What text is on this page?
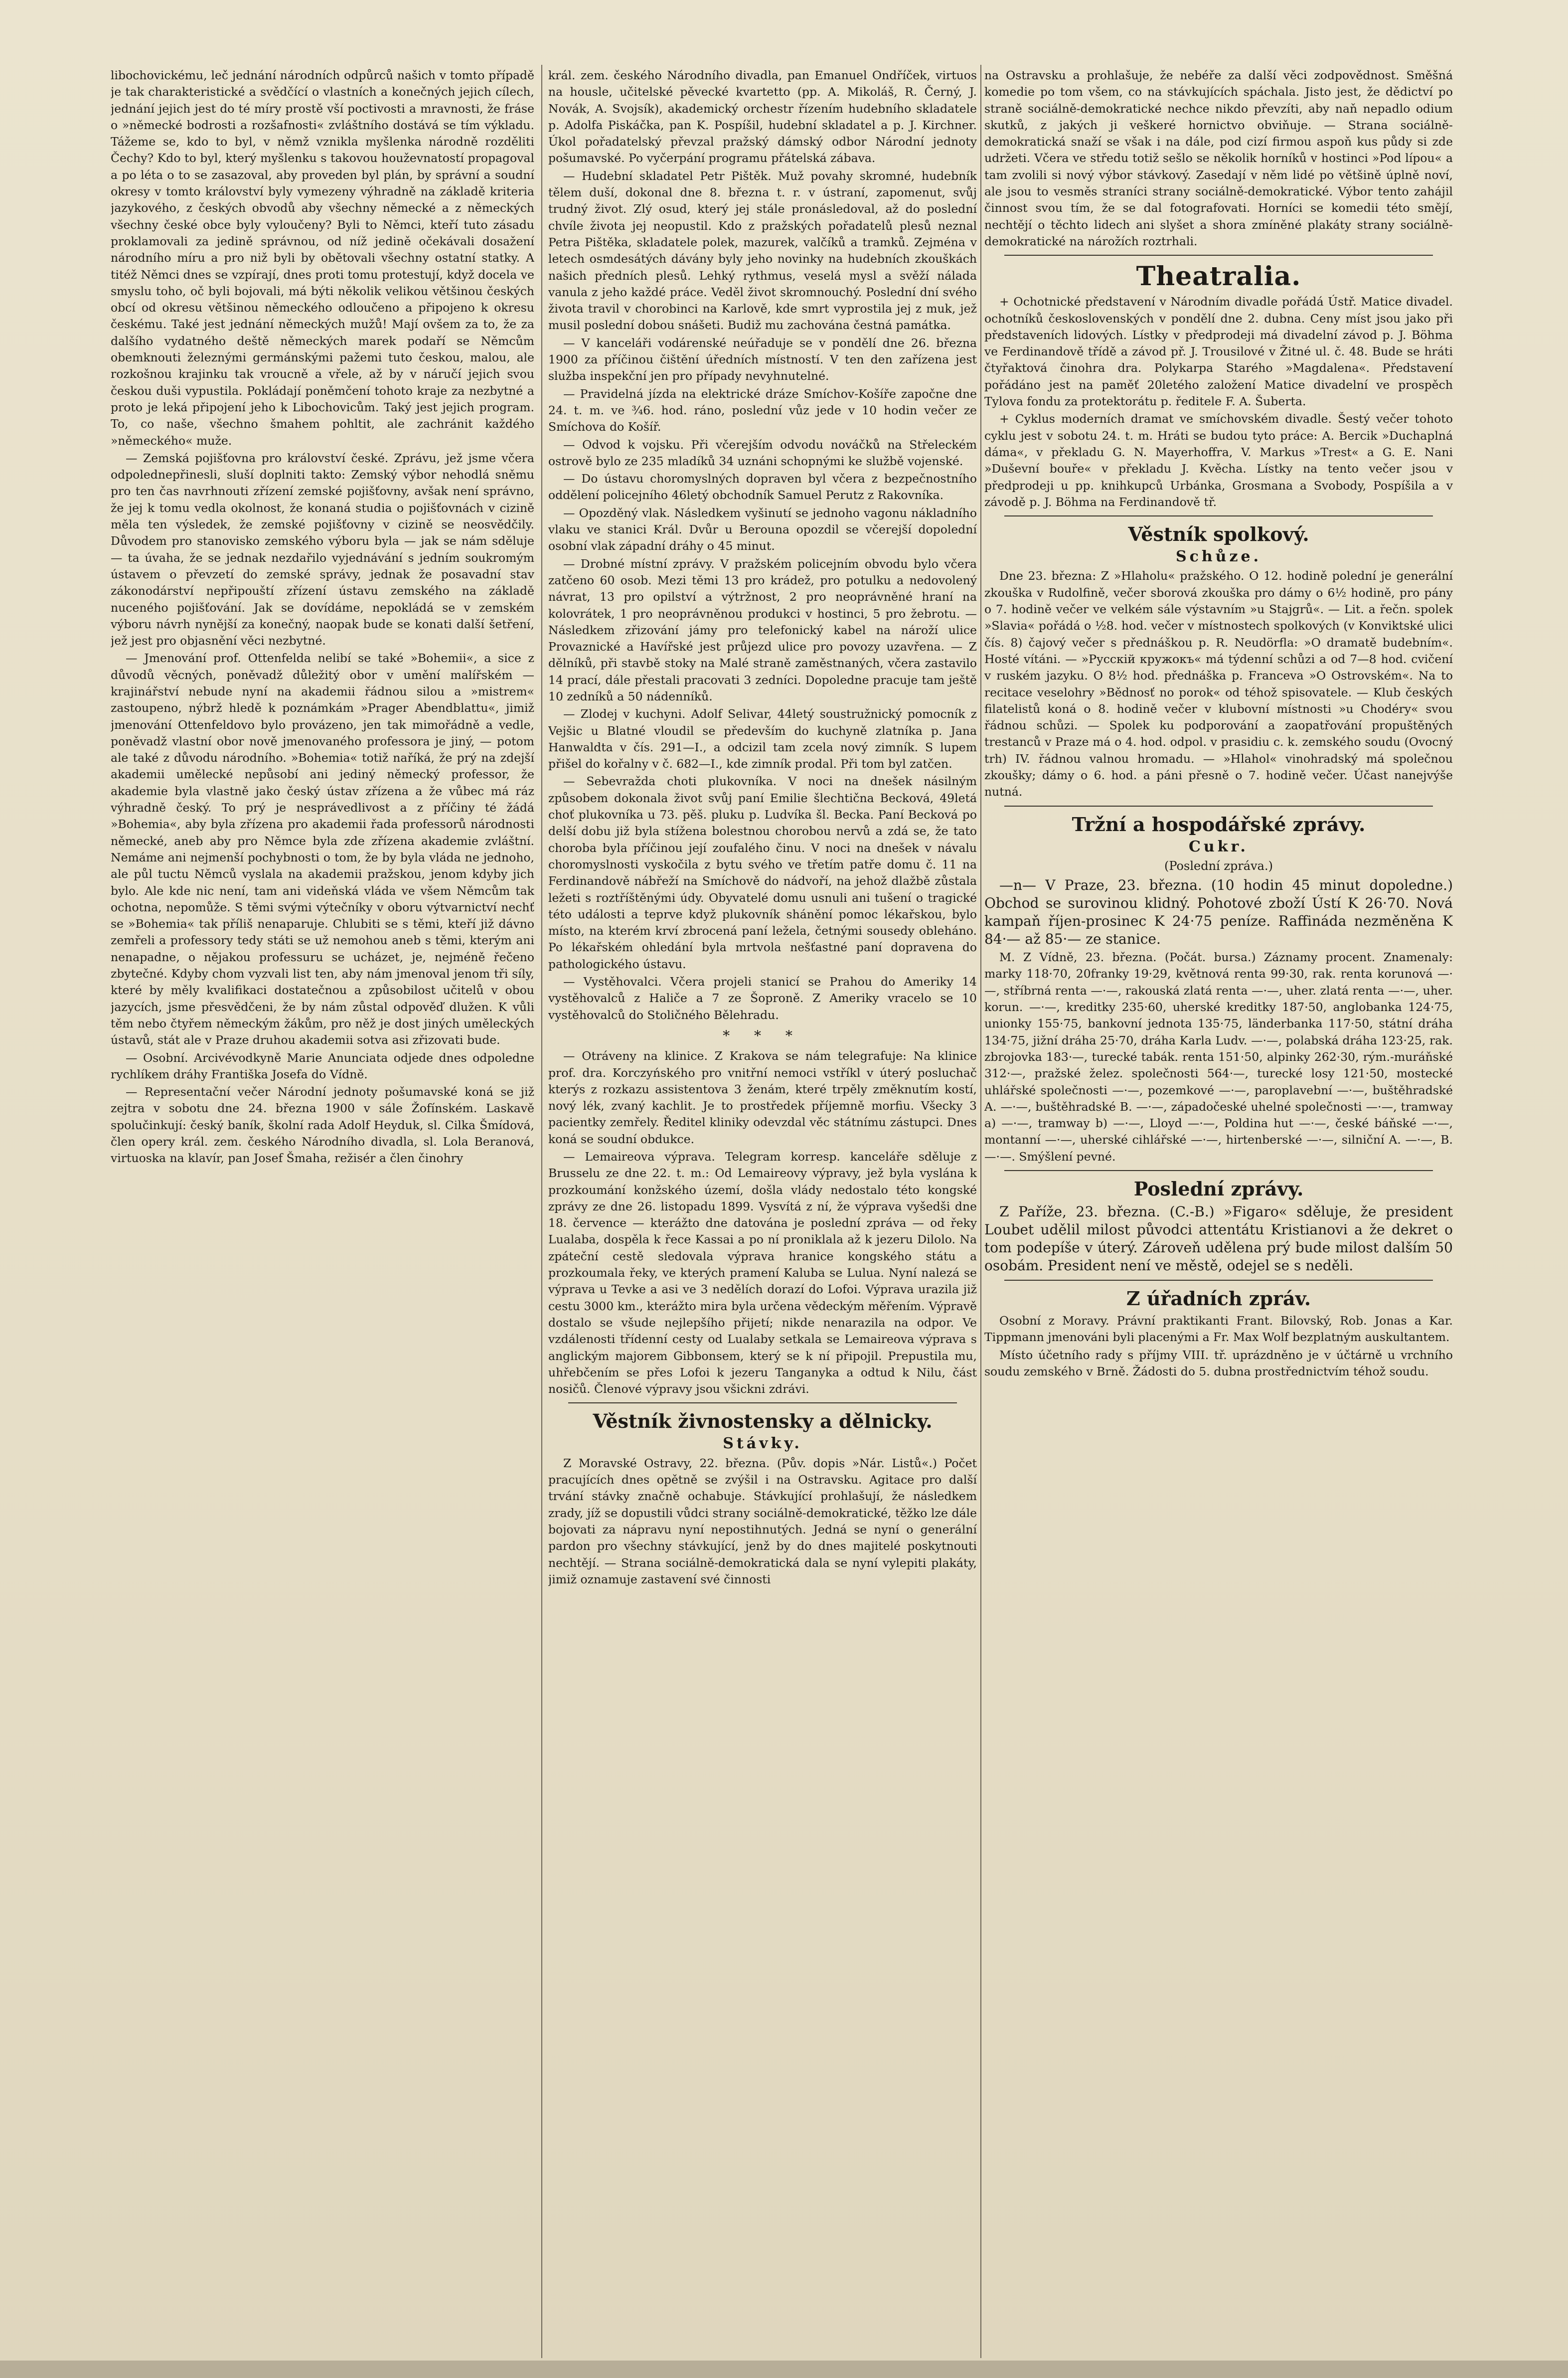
libochovickému, leč jednání národních odpůrců našich v tomto případě je tak charakteristické a svědčící o vlastních a konečných jejich cílech, jednání jejich jest do té míry prostě vší poctivosti a mravnosti, že fráse o »německé bodrosti a rozšafnosti« zvláštního dostává se tím výkladu. Tážeme se, kdo to byl, v němž vznikla myšlenka národně rozděliti Čechy? Kdo to byl, který myšlenku s takovou houževnatostí propagoval a po léta o to se zasazoval, aby proveden byl plán, by správní a soudní okresy v tomto království byly vymezeny výhradně na základě kriteria jazykového, z českých obvodů aby všechny německé a z německých všechny české obce byly vyloučeny? Byli to Němci, kteří tuto zásadu proklamovali za jedině správnou, od níž jedině očekávali dosažení národního míru a pro niž byli by obětovali všechny ostatní statky. A titéž Němci dnes se vzpírají, dnes proti tomu protestují, když docela ve smyslu toho, oč byli bojovali, má býti několik velikou většinou českých obcí od okresu většinou německého odloučeno a připojeno k okresu českému. Také jest jednání německých mužů! Mají ovšem za to, že za dalšího vydatného deště německých marek podaří se Němcům obemknouti železnými germánskými pažemi tuto českou, malou, ale rozkošnou krajinku tak vroucně a vřele, až by v náručí jejich svou českou duši vypustila. Pokládají poněmčení tohoto kraje za nezbytné a proto je leká připojení jeho k Libochovicům. Taký jest jejich program. To, co naše, všechno šmahem pohltit, ale zachránit každého »německého« muže.

— Zemská pojišťovna pro království české. Zprávu, jež jsme včera odpolednepřinesli, sluší doplniti takto: Zemský výbor nehodlá sněmu pro ten čas navrhnouti zřízení zemské pojišťovny, avšak není správno, že jej k tomu vedla okolnost, že konaná studia o pojišťovnách v cizině měla ten výsledek, že zemské pojišťovny v cizině se neosvědčily. Důvodem pro stanovisko zemského výboru byla — jak se nám sděluje — ta úvaha, že se jednak nezdařilo vyjednávání s jedním soukromým ústavem o převzetí do zemské správy, jednak že posavadní stav zákonodárství nepřipouští zřízení ústavu zemského na základě nuceného pojišťování. Jak se dovídáme, nepokládá se v zemském výboru návrh nynější za konečný, naopak bude se konati další šetření, jež jest pro objasnění věci nezbytné.

— Jmenování prof. Ottenfelda nelibí se také »Bohemii«, a sice z důvodů věcných, poněvadž důležitý obor v umění malířském — krajinářství nebude nyní na akademii řádnou silou a »mistrem« zastoupeno, nýbrž hledě k poznámkám »Prager Abendblattu«, jimiž jmenování Ottenfeldovo bylo provázeno, jen tak mimořádně a vedle, poněvadž vlastní obor nově jmenovaného professora je jiný, — potom ale také z důvodu národního. »Bohemia« totiž naříká, že prý na zdejší akademii umělecké nepůsobí ani jediný německý professor, že akademie byla vlastně jako český ústav zřízena a že vůbec má ráz výhradně český. To prý je nesprávedlivost a z příčiny té žádá »Bohemia«, aby byla zřízena pro akademii řada professorů národnosti německé, aneb aby pro Němce byla zde zřízena akademie zvláštní. Nemáme ani nejmenší pochybnosti o tom, že by byla vláda ne jednoho, ale půl tuctu Němců vyslala na akademii pražskou, jenom kdyby jich bylo. Ale kde nic není, tam ani videňská vláda ve všem Němcům tak ochotna, nepomůže. S těmi svými výtečníky v oboru výtvarnictví nechť se »Bohemia« tak příliš nenaparuje. Chlubiti se s těmi, kteří již dávno zemřeli a professory tedy státi se už nemohou aneb s těmi, kterým ani nenapadne, o nějakou professuru se ucházet, je, nejméně řečeno zbytečné. Kdyby chom vyzvali list ten, aby nám jmenoval jenom tři síly, které by měly kvalifikaci dostatečnou a způsobilost učitelů v obou jazycích, jsme přesvědčeni, že by nám zůstal odpověď dlužen. K vůli těm nebo čtyřem německým žákům, pro něž je dost jiných uměleckých ústavů, stát ale v Praze druhou akademii sotva asi zřizovati bude.

— Osobní. Arcivévodkyně Marie Anunciata odjede dnes odpoledne rychlíkem dráhy Františka Josefa do Vídně.

— Representační večer Národní jednoty pošumavské koná se již zejtra v sobotu dne 24. března 1900 v sále Žofínském. Laskavě spolučinkují: český baník, školní rada Adolf Heyduk, sl. Cilka Šmídová, člen opery král. zem. českého Národního divadla, sl. Lola Beranová, virtuoska na klavír, pan Josef Šmaha, režisér a člen činohry

král. zem. českého Národního divadla, pan Emanuel Ondříček, virtuos na housle, učitelské pěvecké kvartetto (pp. A. Mikoláš, R. Černý, J. Novák, A. Svojsík), akademický orchestr řízením hudebního skladatele p. Adolfa Piskáčka, pan K. Pospíšil, hudební skladatel a p. J. Kirchner. Úkol pořadatelský převzal pražský dámský odbor Národní jednoty pošumavské. Po vyčerpání programu přátelská zábava.

— Hudební skladatel Petr Pištěk. Muž povahy skromné, hudebník tělem duší, dokonal dne 8. března t. r. v ústraní, zapomenut, svůj trudný život. Zlý osud, který jej stále pronásledoval, až do poslední chvíle života jej neopustil. Kdo z pražských pořadatelů plesů neznal Petra Pištěka, skladatele polek, mazurek, valčíků a tramků. Zejména v letech osmdesátých dávány byly jeho novinky na hudebních zkouškách našich předních plesů. Lehký rythmus, veselá mysl a svěží nálada vanula z jeho každé práce. Veděl život skromnouchý. Poslední dní svého života travil v chorobinci na Karlově, kde smrt vyprostila jej z muk, jež musil poslední dobou snášeti. Budiž mu zachována čestná památka.

— V kanceláři vodárenské neúřaduje se v pondělí dne 26. března 1900 za příčinou čištění úředních místností. V ten den zařízena jest služba inspekční jen pro případy nevyhnutelné.

— Pravidelná jízda na elektrické dráze Smíchov-Košíře započne dne 24. t. m. ve ¾6. hod. ráno, poslední vůz jede v 10 hodin večer ze Smíchova do Košíř.

— Odvod k vojsku. Při včerejším odvodu nováčků na Střeleckém ostrově bylo ze 235 mladíků 34 uznáni schopnými ke službě vojenské.

— Do ústavu choromyslných dopraven byl včera z bezpečnostního oddělení policejního 46letý obchodník Samuel Perutz z Rakovníka.

— Opozděný vlak. Následkem vyšinutí se jednoho vagonu nákladního vlaku ve stanici Král. Dvůr u Berouna opozdil se včerejší dopolední osobní vlak západní dráhy o 45 minut.

— Drobné místní zprávy. V pražském policejním obvodu bylo včera zatčeno 60 osob. Mezi těmi 13 pro krádež, pro potulku a nedovolený návrat, 13 pro opilství a výtržnost, 2 pro neoprávněné hraní na kolovrátek, 1 pro neoprávněnou produkci v hostinci, 5 pro žebrotu. — Následkem zřizování jámy pro telefonický kabel na nároží ulice Provaznické a Havířské jest průjezd ulice pro povozy uzavřena. — Z dělníků, při stavbě stoky na Malé straně zaměstnaných, včera zastavilo 14 prací, dále přestali pracovati 3 zedníci. Dopoledne pracuje tam ještě 10 zedníků a 50 nádenníků.

— Zlodej v kuchyni. Adolf Selivar, 44letý soustružnický pomocník z Vejšic u Blatné vloudil se především do kuchyně zlatníka p. Jana Hanwaldta v čís. 291—I., a odcizil tam zcela nový zimník. S lupem přišel do kořalny v č. 682—I., kde zimník prodal. Při tom byl zatčen.

— Sebevražda choti plukovníka. V noci na dnešek násilným způsobem dokonala život svůj paní Emilie šlechtična Becková, 49letá choť plukovníka u 73. pěš. pluku p. Ludvíka šl. Becka. Paní Becková po delší dobu již byla stížena bolestnou chorobou nervů a zdá se, že tato choroba byla příčinou její zoufalého činu. V noci na dnešek v návalu choromyslnosti vyskočila z bytu svého ve třetím patře domu č. 11 na Ferdinandově nábřeží na Smíchově do nádvoří, na jehož dlažbě zůstala ležeti s roztříštěnými údy. Obyvatelé domu usnuli ani tušení o tragické této události a teprve když plukovník shánění pomoc lékařskou, bylo místo, na kterém krví zbrocená paní ležela, četnými sousedy obleháno. Po lékařském ohledání byla mrtvola nešťastné paní dopravena do pathologického ústavu.

— Vystěhovalci. Včera projeli stanicí se Prahou do Ameriky 14 vystěhovalců z Haliče a 7 ze Šoproně. Z Ameriky vracelo se 10 vystěhovalců do Stoličného Bělehradu.

* * *

— Otráveny na klinice. Z Krakova se nám telegrafuje: Na klinice prof. dra. Korczyńského pro vnitřní nemoci vstříkl v úterý posluchač kterýs z rozkazu assistentova 3 ženám, které trpěly změknutím kostí, nový lék, zvaný kachlit. Je to prostředek příjemně morfiu. Všecky 3 pacientky zemřely. Ředitel kliniky odevzdal věc státnímu zástupci. Dnes koná se soudní obdukce.

— Lemaireova výprava. Telegram korresp. kanceláře sděluje z Brusselu ze dne 22. t. m.: Od Lemaireovy výpravy, jež byla vyslána k prozkoumání konžského území, došla vlády nedostalo této kongské zprávy ze dne 26. listopadu 1899. Vysvítá z ní, že výprava vyšedši dne 18. července — kterážto dne datována je poslední zpráva — od řeky Lualaba, dospěla k řece Kassai a po ní proniklala až k jezeru Dilolo. Na zpáteční cestě sledovala výprava hranice kongského státu a prozkoumala řeky, ve kterých pramení Kaluba se Lulua. Nyní nalezá se výprava u Tevke a asi ve 3 nedělích dorazí do Lofoi. Výprava urazila již cestu 3000 km., kterážto mira byla určena vědeckým měřením. Výpravě dostalo se všude nejlepšího přijetí; nikde nenarazila na odpor. Ve vzdálenosti třídenní cesty od Lualaby setkala se Lemaireova výprava s anglickým majorem Gibbonsem, který se k ní připojil. Prepustila mu, uhřebčením se přes Lofoi k jezeru Tanganyka a odtud k Nilu, část nosičů. Členové výpravy jsou všickni zdrávi.

Věstník živnostensky a dělnicky.
Stávky.

Z Moravské Ostravy, 22. března. (Pův. dopis »Nár. Listů«.) Počet pracujících dnes opětně se zvýšil i na Ostravsku. Agitace pro další trvání stávky značně ochabuje. Stávkující prohlašují, že následkem zrady, jíž se dopustili vůdci strany sociálně-demokratické, těžko lze dále bojovati za nápravu nyní nepostihnutých. Jedná se nyní o generální pardon pro všechny stávkující, jenž by do dnes majitelé poskytnouti nechtějí. — Strana sociálně-demokratická dala se nyní vylepiti plakáty, jimiž oznamuje zastavení své činnosti

na Ostravsku a prohlašuje, že nebéře za další věci zodpovědnost. Směšná komedie po tom všem, co na stávkujících spáchala. Jisto jest, že dědictví po straně sociálně-demokratické nechce nikdo převzíti, aby naň nepadlo odium skutků, z jakých ji veškeré hornictvo obviňuje. — Strana sociálně-demokratická snaží se však i na dále, pod cizí firmou aspoň kus půdy si zde udržeti. Včera ve středu totiž sešlo se několik horníků v hostinci »Pod lípou« a tam zvolili si nový výbor stávkový. Zasedají v něm lidé po většině úplně noví, ale jsou to vesměs straníci strany sociálně-demokratické. Výbor tento zahájil činnost svou tím, že se dal fotografovati. Horníci se komedii této smějí, nechtějí o těchto lidech ani slyšet a shora zmíněné plakáty strany sociálně-demokratické na nárožích roztrhali.

Theatralia.

+ Ochotnické představení v Národním divadle pořádá Ústř. Matice divadel. ochotníků československých v pondělí dne 2. dubna. Ceny míst jsou jako při představeních lidových. Lístky v předprodeji má divadelní závod p. J. Böhma ve Ferdinandově třídě a závod př. J. Trousilové v Žitné ul. č. 48. Bude se hráti čtyřaktová činohra dra. Polykarpa Starého »Magdalena«. Představení pořádáno jest na paměť 20letého založení Matice divadelní ve prospěch Tylova fondu za protektorátu p. ředitele F. A. Šuberta.

+ Cyklus moderních dramat ve smíchovském divadle. Šestý večer tohoto cyklu jest v sobotu 24. t. m. Hráti se budou tyto práce: A. Bercik »Duchaplná dáma«, v překladu G. N. Mayerhoffra, V. Markus »Trest« a G. E. Nani »Duševní bouře« v překladu J. Kvěcha. Lístky na tento večer jsou v předprodeji u pp. knihkupců Urbánka, Grosmana a Svobody, Pospíšila a v závodě p. J. Böhma na Ferdinandově tř.

Věstník spolkový.
Schůze.

Dne 23. března: Z »Hlaholu« pražského. O 12. hodině polední je generální zkouška v Rudolfině, večer sborová zkouška pro dámy o 6½ hodině, pro pány o 7. hodině večer ve velkém sále výstavním »u Stajgrů«. — Lit. a řečn. spolek »Slavia« pořádá o ½8. hod. večer v místnostech spolkových (v Konviktské ulici čís. 8) čajový večer s přednáškou p. R. Neudörfla: »O dramatě budebním«. Hosté vítáni. — »Русскій кружокъ« má týdenní schůzi a od 7—8 hod. cvičení v ruském jazyku. O 8½ hod. přednáška p. Franceva »O Ostrovském«. Na to recitace veselohry »Bědnosť nо porok« od téhož spisovatele. — Klub českých filatelistů koná o 8. hodině večer v klubovní místnosti »u Chodéry« svou řádnou schůzi. — Spolek ku podporování a zaopatřování propuštěných trestanců v Praze má o 4. hod. odpol. v prasidiu c. k. zemského soudu (Ovocný trh) IV. řádnou valnou hromadu. — »Hlahol« vinohradský má společnou zkoušky; dámy o 6. hod. a páni přesně o 7. hodině večer. Účast nanejvýše nutná.

Tržní a hospodářské zprávy.
Cukr.
(Poslední zpráva.)

—n— V Praze, 23. března. (10 hodin 45 minut dopoledne.) Obchod se surovinou klidný. Pohotové zboží Ústí K 26·70. Nová kampaň říjen-prosinec K 24·75 peníze. Raffináda nezměněna K 84·— až 85·— ze stanice.

M. Z Vídně, 23. března. (Počát. bursa.) Záznamy procent. Znamenaly: marky 118·70, 20franky 19·29, květnová renta 99·30, rak. renta korunová —·—, stříbrná renta —·—, rakouská zlatá renta —·—, uher. zlatá renta —·—, uher. korun. —·—, kreditky 235·60, uherské kreditky 187·50, anglobanka 124·75, unionky 155·75, bankovní jednota 135·75, länderbanka 117·50, státní dráha 134·75, jižní dráha 25·70, dráha Karla Ludv. —·—, polabská dráha 123·25, rak. zbrojovka 183·—, turecké tabák. renta 151·50, alpinky 262·30, rým.-muráňské 312·—, pražské želez. společnosti 564·—, turecké losy 121·50, mostecké uhlářské společnosti —·—, pozemkové —·—, paroplavební —·—, buštěhradské A. —·—, buštěhradské B. —·—, západočeské uhelné společnosti —·—, tramway a) —·—, tramway b) —·—, Lloyd —·—, Poldina hut —·—, české báňské —·—, montanní —·—, uherské cihlářské —·—, hirtenberské —·—, silniční A. —·—, B. —·—. Smýšlení pevné.

Poslední zprávy.

Z Paříže, 23. března. (C.-B.) »Figaro« sděluje, že president Loubet udělil milost původci attentátu Kristianovi a že dekret o tom podepíše v úterý. Zároveň udělena prý bude milost dalším 50 osobám. President není ve městě, odejel se s neděli.

Z úřadních zpráv.

Osobní z Moravy. Právní praktikanti Frant. Bilovský, Rob. Jonas a Kar. Tippmann jmenováni byli placenými a Fr. Max Wolf bezplatným auskultantem.

Místo účetního rady s příjmy VIII. tř. uprázdněno je v účtárně u vrchního soudu zemského v Brně. Žádosti do 5. dubna prostřednictvím téhož soudu.
